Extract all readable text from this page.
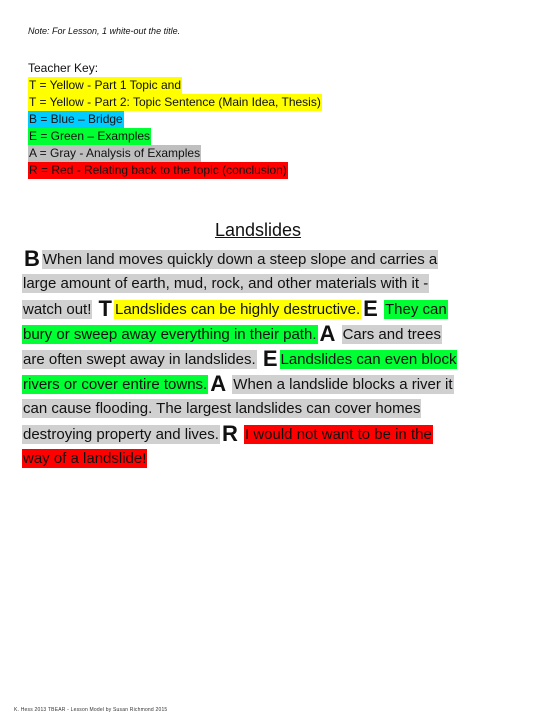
Note: For Lesson, 1 white-out the title.
Teacher Key:
T = Yellow - Part 1 Topic and
T = Yellow - Part 2: Topic Sentence (Main Idea, Thesis)
B = Blue – Bridge
E = Green – Examples
A = Gray - Analysis of Examples
R = Red - Relating back to the topic (conclusion)
Landslides
B When land moves quickly down a steep slope and carries a
large amount of earth, mud, rock, and other materials with it -
watch out! T Landslides can be highly destructive. E They can
bury or sweep away everything in their path. A Cars and trees
are often swept away in landslides. E Landslides can even block
rivers or cover entire towns. A When a landslide blocks a river it
can cause flooding. The largest landslides can cover homes
destroying property and lives. R I would not want to be in the
way of a landslide!
K. Hess 2013 TBEAR - Lesson Model by Susan Richmond 2015
